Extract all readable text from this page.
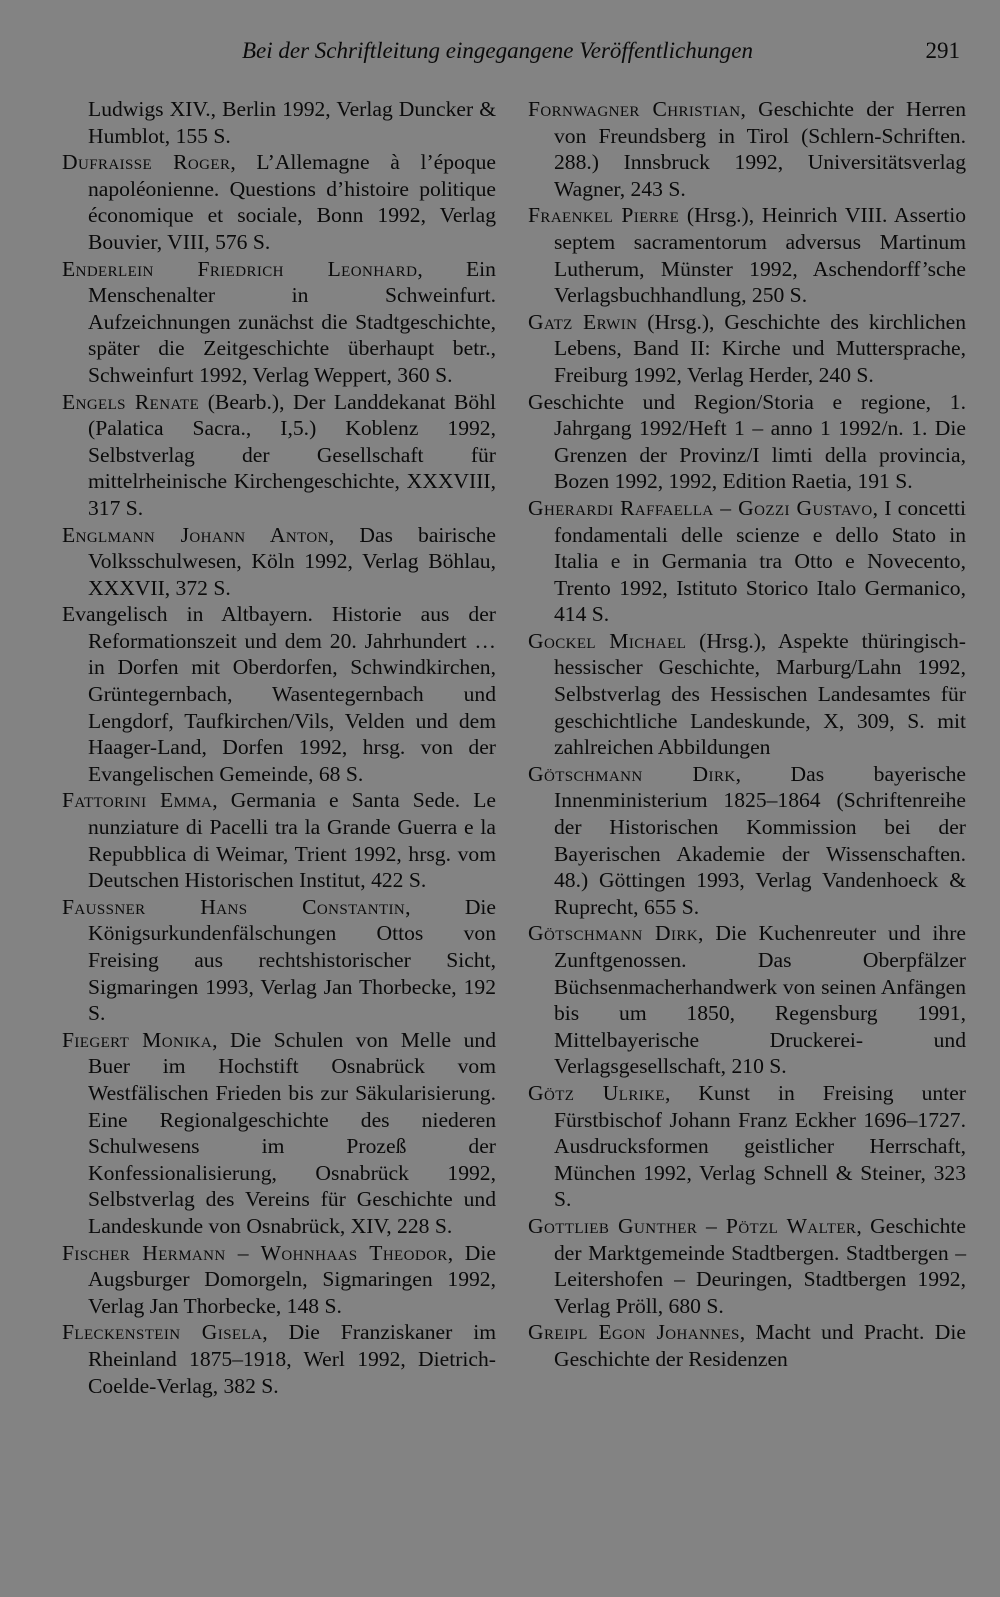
Bei der Schriftleitung eingegangene Veröffentlichungen	291

Ludwigs XIV., Berlin 1992, Verlag Duncker & Humblot, 155 S.

Dufraisse Roger, L’Allemagne à l’époque napoléonienne. Questions d’histoire politique économique et sociale, Bonn 1992, Verlag Bouvier, VIII, 576 S.

Enderlein Friedrich Leonhard, Ein Menschenalter in Schweinfurt. Aufzeichnungen zunächst die Stadtgeschichte, später die Zeitgeschichte überhaupt betr., Schweinfurt 1992, Verlag Weppert, 360 S.

Engels Renate (Bearb.), Der Landdekanat Böhl (Palatica Sacra., I,5.) Koblenz 1992, Selbstverlag der Gesellschaft für mittelrheinische Kirchengeschichte, XXXVIII, 317 S.

Englmann Johann Anton, Das bairische Volksschulwesen, Köln 1992, Verlag Böhlau, XXXVII, 372 S.

Evangelisch in Altbayern. Historie aus der Reformationszeit und dem 20. Jahrhundert … in Dorfen mit Oberdorfen, Schwindkirchen, Grüntegernbach, Wasentegernbach und Lengdorf, Taufkirchen/Vils, Velden und dem Haager-Land, Dorfen 1992, hrsg. von der Evangelischen Gemeinde, 68 S.

Fattorini Emma, Germania e Santa Sede. Le nunziature di Pacelli tra la Grande Guerra e la Repubblica di Weimar, Trient 1992, hrsg. vom Deutschen Historischen Institut, 422 S.

Faussner Hans Constantin, Die Königsurkundenfälschungen Ottos von Freising aus rechtshistorischer Sicht, Sigmaringen 1993, Verlag Jan Thorbecke, 192 S.

Fiegert Monika, Die Schulen von Melle und Buer im Hochstift Osnabrück vom Westfälischen Frieden bis zur Säkularisierung. Eine Regionalgeschichte des niederen Schulwesens im Prozeß der Konfessionalisierung, Osnabrück 1992, Selbstverlag des Vereins für Geschichte und Landeskunde von Osnabrück, XIV, 228 S.

Fischer Hermann – Wohnhaas Theodor, Die Augsburger Domorgeln, Sigmaringen 1992, Verlag Jan Thorbecke, 148 S.

Fleckenstein Gisela, Die Franziskaner im Rheinland 1875–1918, Werl 1992, Dietrich-Coelde-Verlag, 382 S.

Fornwagner Christian, Geschichte der Herren von Freundsberg in Tirol (Schlern-Schriften. 288.) Innsbruck 1992, Universitätsverlag Wagner, 243 S.

Fraenkel Pierre (Hrsg.), Heinrich VIII. Assertio septem sacramentorum adversus Martinum Lutherum, Münster 1992, Aschendorff’sche Verlagsbuchhandlung, 250 S.

Gatz Erwin (Hrsg.), Geschichte des kirchlichen Lebens, Band II: Kirche und Muttersprache, Freiburg 1992, Verlag Herder, 240 S.

Geschichte und Region/Storia e regione, 1. Jahrgang 1992/Heft 1 – anno 1 1992/n. 1. Die Grenzen der Provinz/I limti della provincia, Bozen 1992, 1992, Edition Raetia, 191 S.

Gherardi Raffaella – Gozzi Gustavo, I concetti fondamentali delle scienze e dello Stato in Italia e in Germania tra Otto e Novecento, Trento 1992, Istituto Storico Italo Germanico, 414 S.

Gockel Michael (Hrsg.), Aspekte thüringisch-hessischer Geschichte, Marburg/Lahn 1992, Selbstverlag des Hessischen Landesamtes für geschichtliche Landeskunde, X, 309, S. mit zahlreichen Abbildungen

Götschmann Dirk, Das bayerische Innenministerium 1825–1864 (Schriftenreihe der Historischen Kommission bei der Bayerischen Akademie der Wissenschaften. 48.) Göttingen 1993, Verlag Vandenhoeck & Ruprecht, 655 S.

Götschmann Dirk, Die Kuchenreuter und ihre Zunftgenossen. Das Oberpfälzer Büchsenmacherhandwerk von seinen Anfängen bis um 1850, Regensburg 1991, Mittelbayerische Druckerei- und Verlagsgesellschaft, 210 S.

Götz Ulrike, Kunst in Freising unter Fürstbischof Johann Franz Eckher 1696–1727. Ausdrucksformen geistlicher Herrschaft, München 1992, Verlag Schnell & Steiner, 323 S.

Gottlieb Gunther – Pötzl Walter, Geschichte der Marktgemeinde Stadtbergen. Stadtbergen – Leitershofen – Deuringen, Stadtbergen 1992, Verlag Pröll, 680 S.

Greipl Egon Johannes, Macht und Pracht. Die Geschichte der Residenzen
